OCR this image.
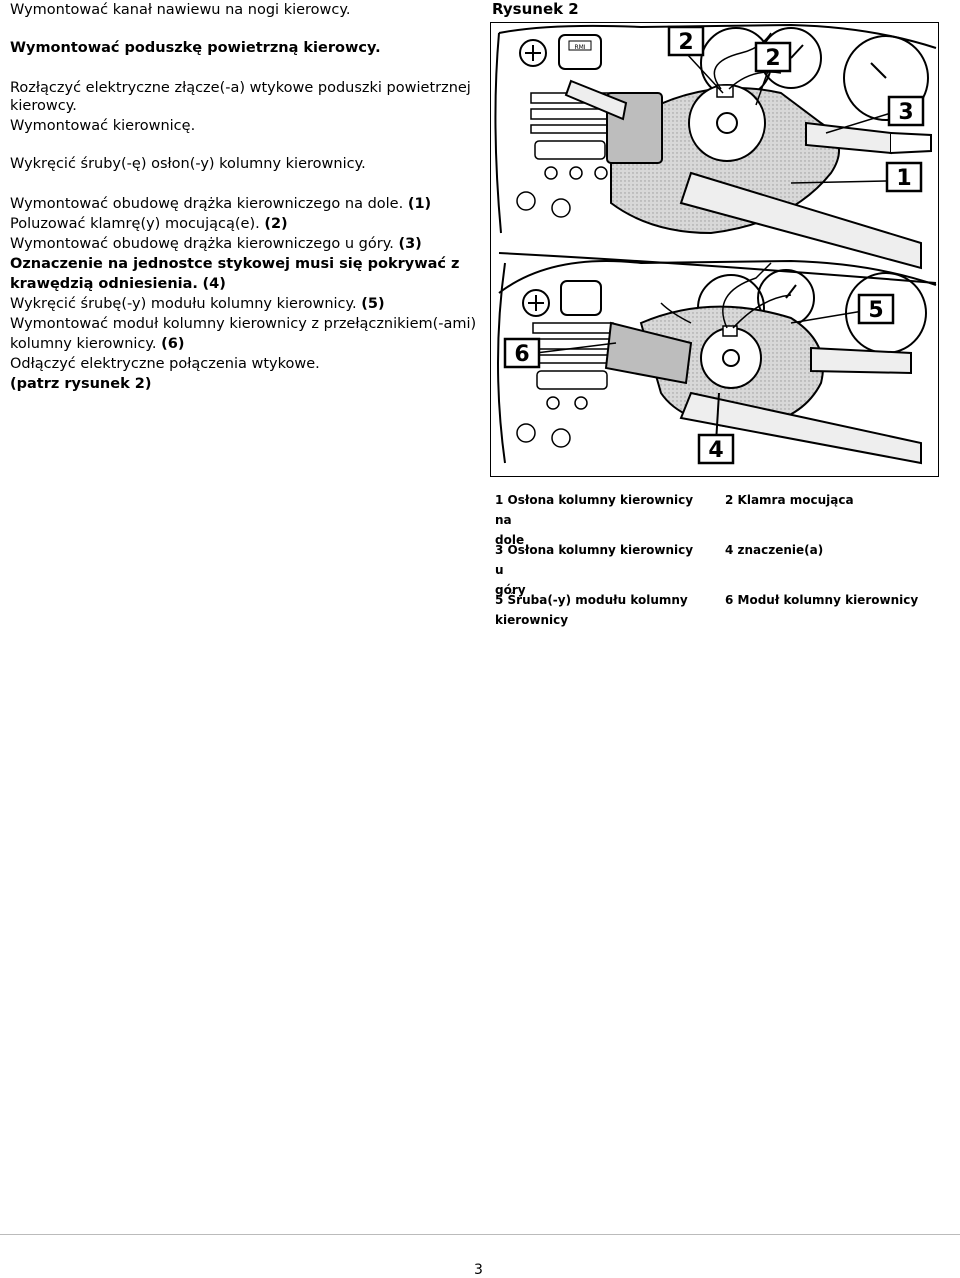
Wymontować kanał nawiewu na nogi kierowcy.
Wymontować poduszkę powietrzną kierowcy.
Rozłączyć elektryczne złącze(-a) wtykowe poduszki powietrznej
kierowcy.
Wymontować kierownicę.
Wykręcić śruby(-ę) osłon(-y) kolumny kierownicy.
Wymontować obudowę drążka kierowniczego na dole. (1)
Poluzować klamrę(y) mocującą(e). (2)
Wymontować obudowę drążka kierowniczego u góry. (3)
Oznaczenie na jednostce stykowej musi się pokrywać z
krawędzią odniesienia. (4)
Wykręcić śrubę(-y) modułu kolumny kierownicy. (5)
Wymontować moduł kolumny kierownicy z przełącznikiem(-ami)
kolumny kierownicy. (6)
Odłączyć elektryczne połączenia wtykowe.
(patrz rysunek 2)
Rysunek 2
RMI	2
2
3
1
5
6
4
1 Osłona kolumny kierownicy na
dole
2 Klamra mocująca
3 Osłona kolumny kierownicy u
góry
4 znaczenie(a)
5 Śruba(-y) modułu kolumny
kierownicy
6 Moduł kolumny kierownicy
3
